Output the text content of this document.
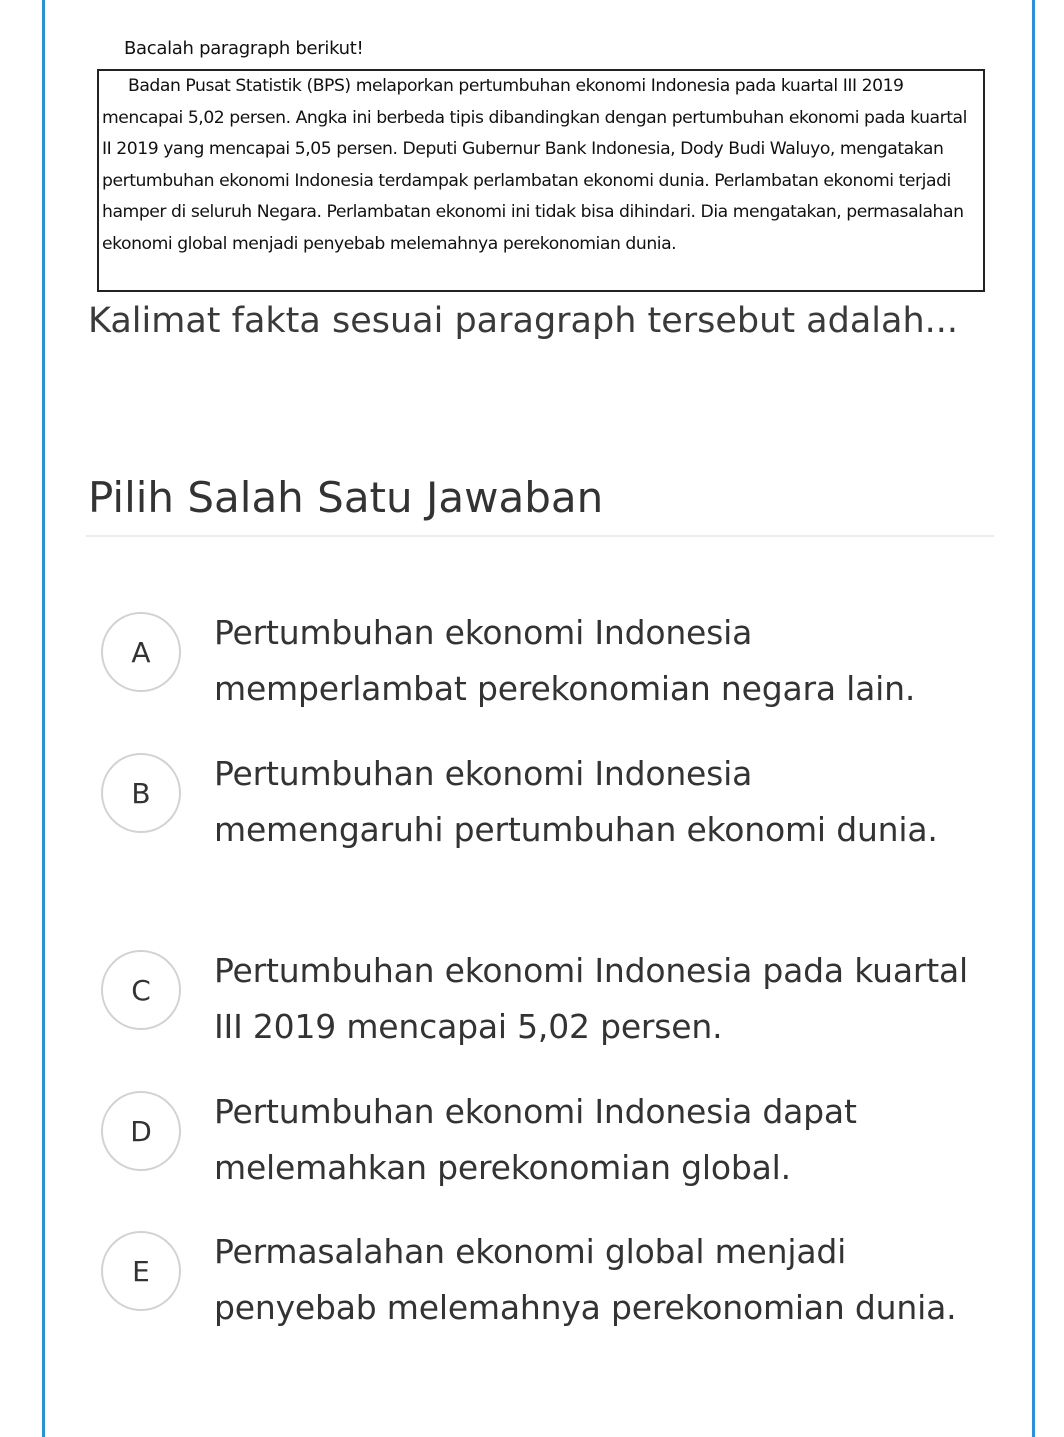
Bacalah paragraph berikut!
Badan Pusat Statistik (BPS) melaporkan pertumbuhan ekonomi Indonesia pada kuartal III 2019 mencapai 5,02 persen. Angka ini berbeda tipis dibandingkan dengan pertumbuhan ekonomi pada kuartal II 2019 yang mencapai 5,05 persen. Deputi Gubernur Bank Indonesia, Dody Budi Waluyo, mengatakan pertumbuhan ekonomi Indonesia terdampak perlambatan ekonomi dunia. Perlambatan ekonomi terjadi hamper di seluruh Negara. Perlambatan ekonomi ini tidak bisa dihindari. Dia mengatakan, permasalahan ekonomi global menjadi penyebab melemahnya perekonomian dunia.
Kalimat fakta sesuai paragraph tersebut adalah...
Pilih Salah Satu Jawaban
A	Pertumbuhan ekonomi Indonesia memperlambat perekonomian negara lain.
B	Pertumbuhan ekonomi Indonesia memengaruhi pertumbuhan ekonomi dunia.
C	Pertumbuhan ekonomi Indonesia pada kuartal III 2019 mencapai 5,02 persen.
D	Pertumbuhan ekonomi Indonesia dapat melemahkan perekonomian global.
E	Permasalahan ekonomi global menjadi penyebab melemahnya perekonomian dunia.
